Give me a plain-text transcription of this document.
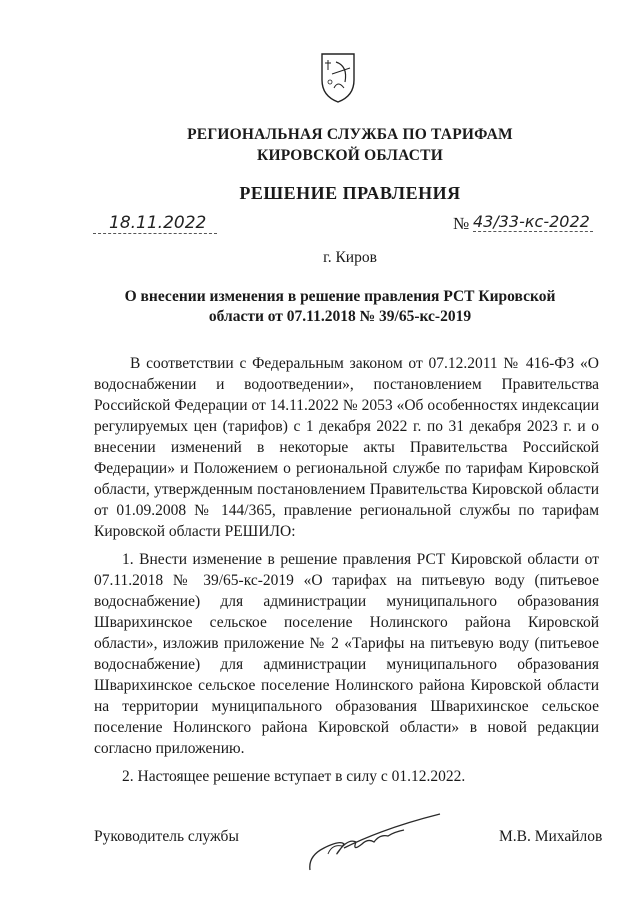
РЕГИОНАЛЬНАЯ СЛУЖБА ПО ТАРИФАМ
КИРОВСКОЙ ОБЛАСТИ
РЕШЕНИЕ ПРАВЛЕНИЯ
18.11.2022	№ 43/33-кс-2022
г. Киров
О внесении изменения в решение правления РСТ Кировской области от 07.11.2018 № 39/65-кс-2019
В соответствии с Федеральным законом от 07.12.2011 № 416-ФЗ «О водоснабжении и водоотведении», постановлением Правительства Российской Федерации от 14.11.2022 № 2053 «Об особенностях индексации регулируемых цен (тарифов) с 1 декабря 2022 г. по 31 декабря 2023 г. и о внесении изменений в некоторые акты Правительства Российской Федерации» и Положением о региональной службе по тарифам Кировской области, утвержденным постановлением Правительства Кировской области от 01.09.2008 № 144/365, правление региональной службы по тарифам Кировской области РЕШИЛО:
1. Внести изменение в решение правления РСТ Кировской области от 07.11.2018 № 39/65-кс-2019 «О тарифах на питьевую воду (питьевое водоснабжение) для администрации муниципального образования Шварихинское сельское поселение Нолинского района Кировской области», изложив приложение № 2 «Тарифы на питьевую воду (питьевое водоснабжение) для администрации муниципального образования Шварихинское сельское поселение Нолинского района Кировской области на территории муниципального образования Шварихинское сельское поселение Нолинского района Кировской области» в новой редакции согласно приложению.
2. Настоящее решение вступает в силу с 01.12.2022.
Руководитель службы	М.В. Михайлов
